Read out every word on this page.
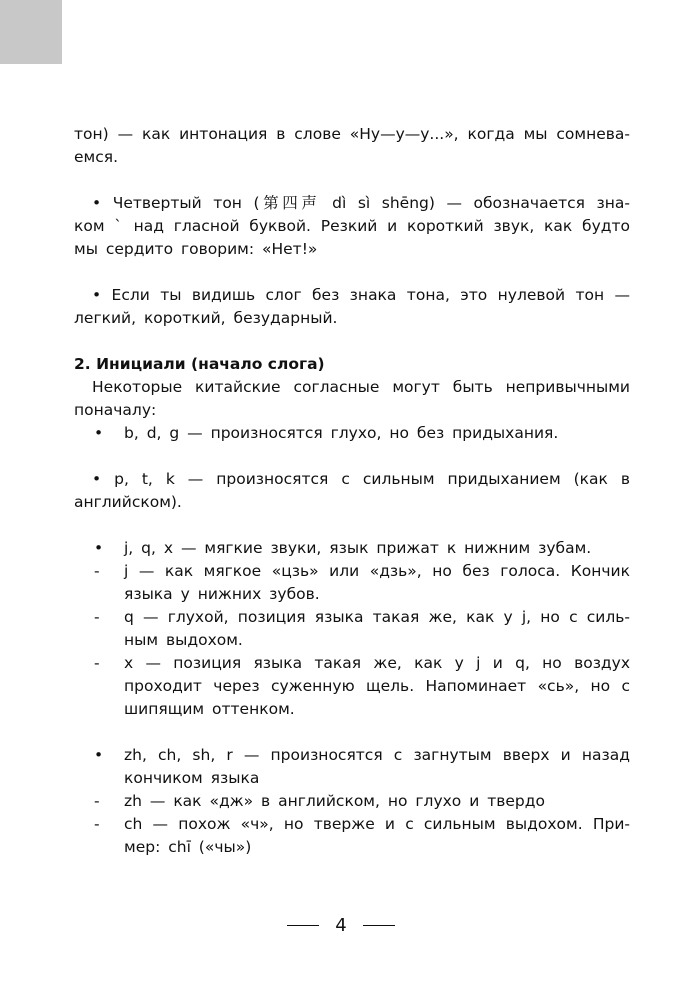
тон) — как интонация в слове «Ну—у—у...», когда мы сомнева-
емся.
• Четвертый тон (第四声 dì sì shēng) — обозначается зна-
ком ˋ над гласной буквой. Резкий и короткий звук, как будто
мы сердито говорим: «Нет!»
• Если ты видишь слог без знака тона, это нулевой тон —
легкий, короткий, безударный.
2. Инициали (начало слога)
Некоторые китайские согласные могут быть непривычными
поначалу:
•	b, d, g — произносятся глухо, но без придыхания.
• p, t, k — произносятся с сильным придыханием (как в
английском).
•	j, q, x — мягкие звуки, язык прижат к нижним зубам.
-	j — как мягкое «цзь» или «дзь», но без голоса. Кончик языка у нижних зубов.
-	q — глухой, позиция языка такая же, как у j, но с силь-ным выдохом.
-	x — позиция языка такая же, как у j и q, но воздух проходит через суженную щель. Напоминает «сь», но с шипящим оттенком.
•	zh, ch, sh, r — произносятся с загнутым вверх и назад кончиком языка
-	zh — как «дж» в английском, но глухо и твердо
-	ch — похож «ч», но тверже и с сильным выдохом. При-мер: chī («чы»)
4
